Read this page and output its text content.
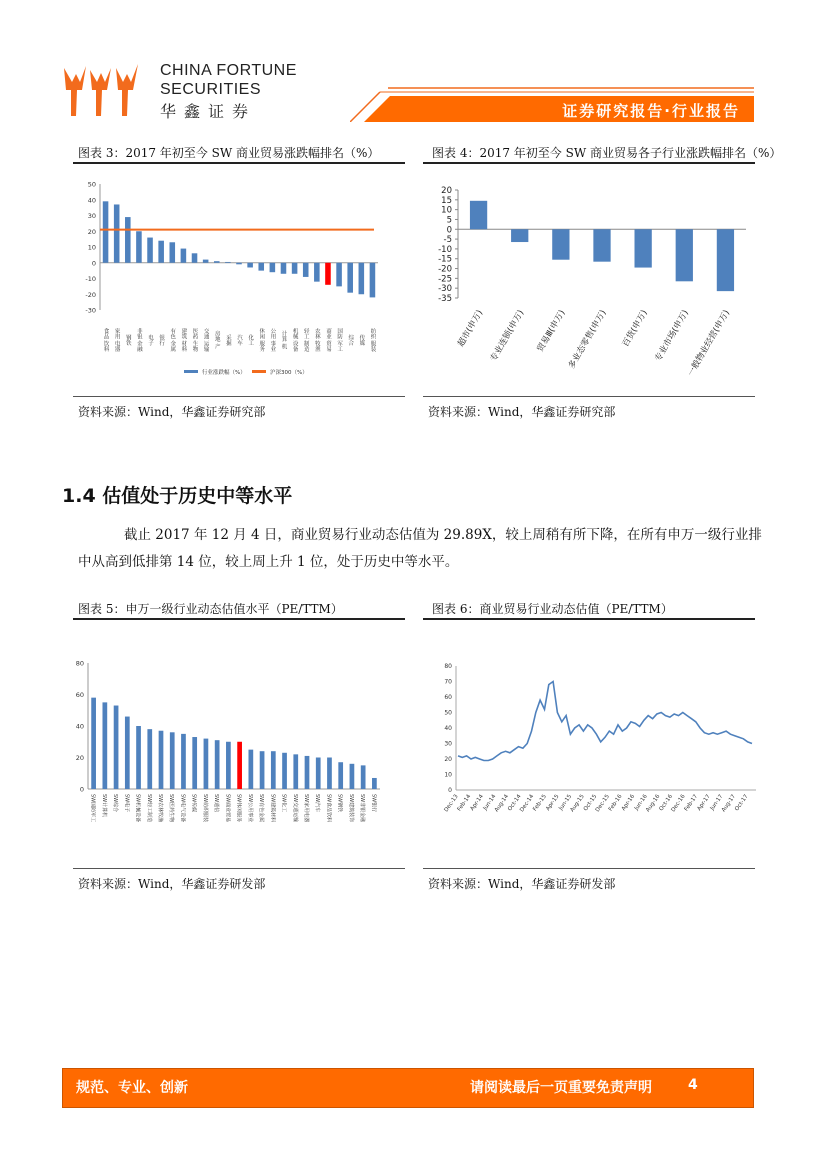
CHINA FORTUNE
SECURITIES
华鑫证券	证券研究报告·行业报告
图表 3：2017 年初至今 SW 商业贸易涨跌幅排名（%）
-30
-20
-10
0
10
20
30
40
50
食品 饮料 家用 电器 钢铁 非银 金融 电子 银行 有色 金属 建筑 材料 医药 生物 交通 运输 房地 产 采掘 汽车 化工 休闲 服务 公用 事业 计算 机 机械 设备 轻工 制造 农林 牧渔 商业 贸易 国防 军工 综合 传媒 纺织 服装
行业涨跌幅（%）	沪深300（%）
资料来源：Wind，华鑫证券研究部
图表 4：2017 年初至今 SW 商业贸易各子行业涨跌幅排名（%）
-35
-30
-25
-20
-15
-10
-5
0
5
10
15
20
超市(申万) 专业连锁(申万) 贸易Ⅲ(申万) 多业态零售(申万) 百货(申万) 专业市场(申万)
一般物业经营(申万)
资料来源：Wind，华鑫证券研究部
1.4 估值处于历史中等水平
截止 2017 年 12 月 4 日，商业贸易行业动态估值为 29.89X，较上周稍有所下降，在所有申万一级行业排中从高到低排第 14 位，较上周上升 1 位，处于历史中等水平。
图表 5：申万一级行业动态估值水平（PE/TTM）
0
20
40
60
80
SW国防军工 SW计算机 SW综合 SW电子 SW机械设备 SW轻工制造 SW农林牧渔 SW医药生物 SW电气设备 SW传媒 SW纺织服装 SW通信 SW商业贸易 SW休闲服务 SW公用事业 SW有色金属 SW建筑材料 SW化工 SW交通运输 SW家用电器 SW汽车 SW食品饮料 SW钢铁 SW建筑装饰 SW非银金融 SW银行
资料来源：Wind，华鑫证券研发部
图表 6：商业贸易行业动态估值（PE/TTM）
0
10
20
30
40
50
60
70
80
Dec-13
Feb-14
Apr-14
Jun-14
Aug-14
Oct-14
Dec-14
Feb-15
Apr-15
Jun-15
Aug-15
Oct-15
Dec-15
Feb-16
Apr-16
Jun-16
Aug-16
Oct-16
Dec-16
Feb-17
Apr-17
Jun-17
Aug-17
Oct-17
资料来源：Wind，华鑫证券研发部
规范、专业、创新	请阅读最后一页重要免责声明	4
